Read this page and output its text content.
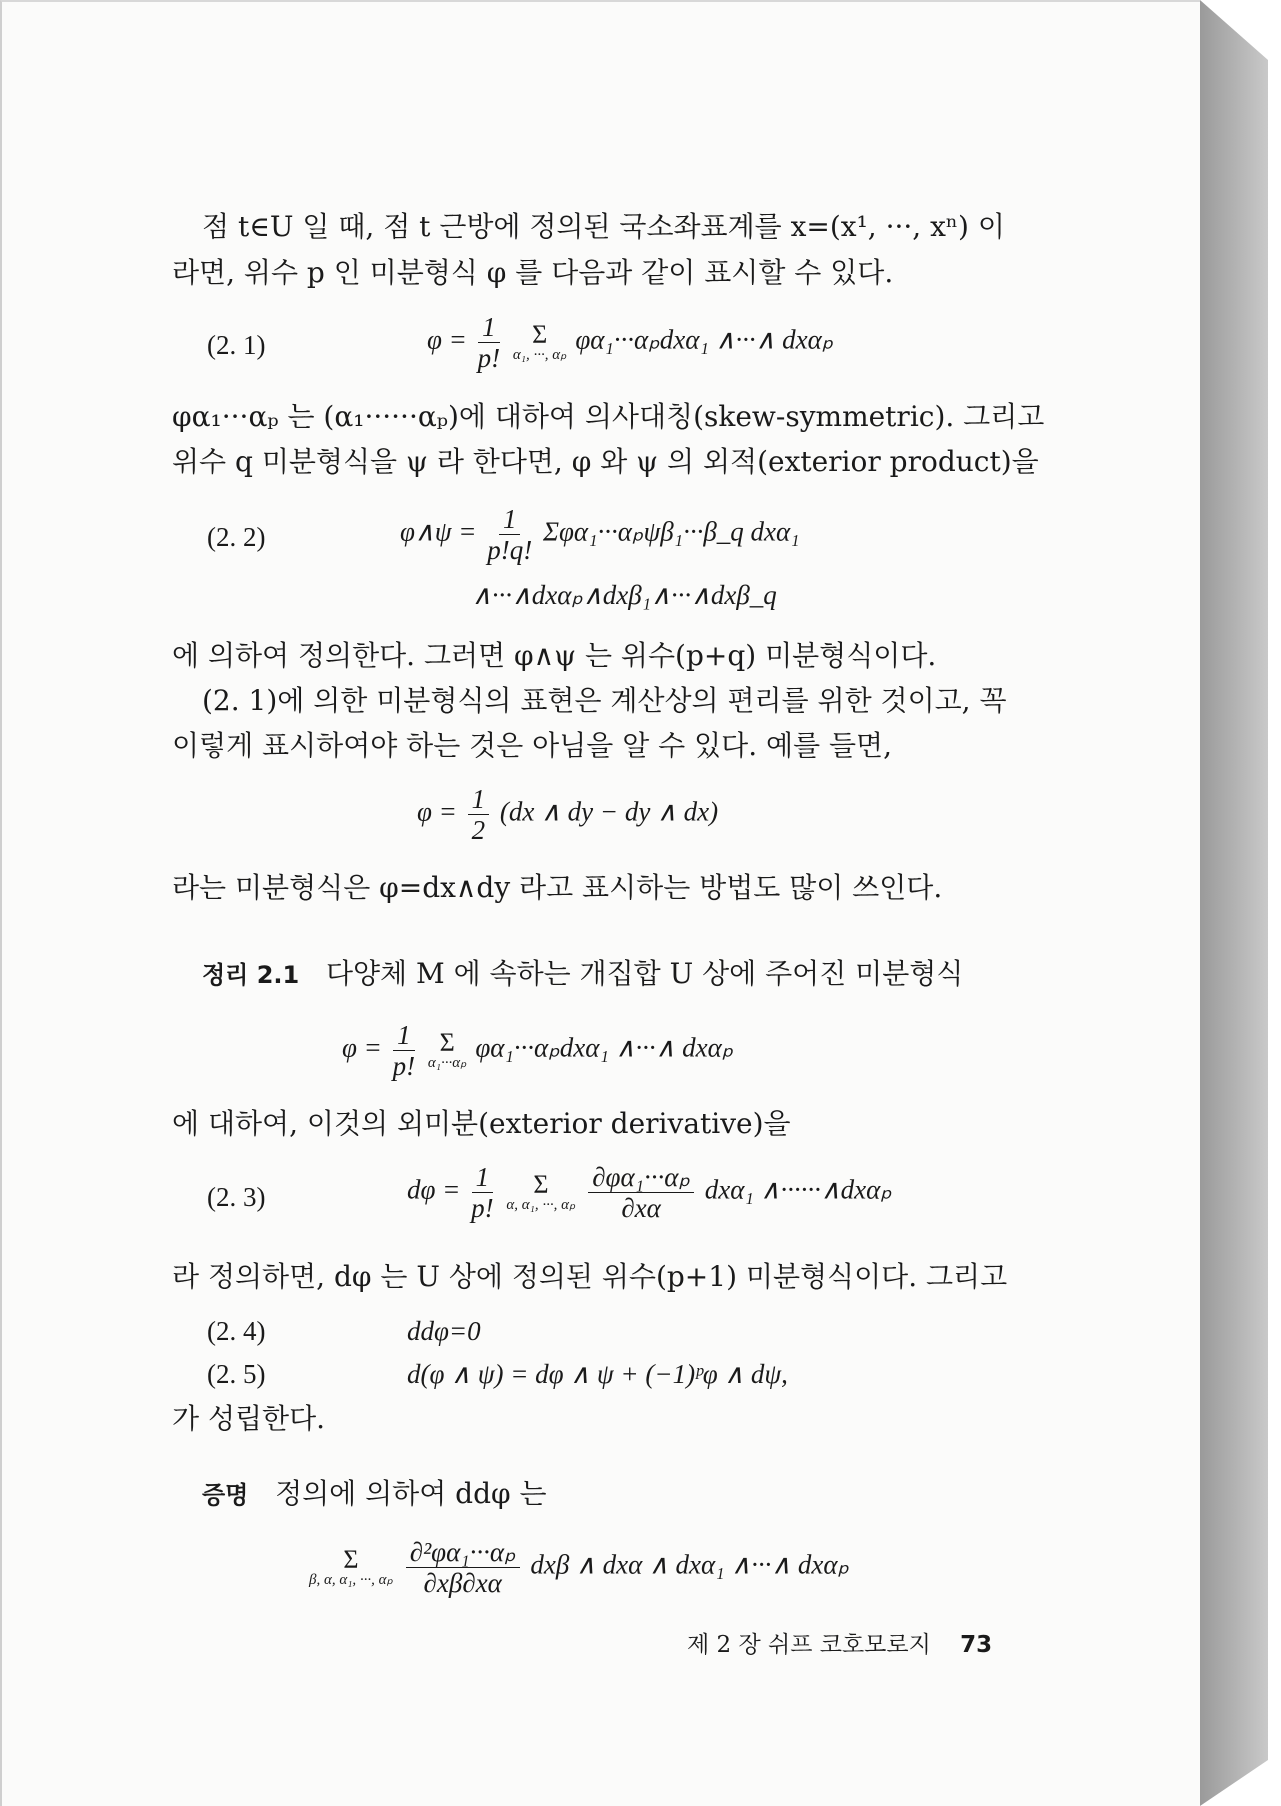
점 t∈U 일 때, 점 t 근방에 정의된 국소좌표계를 x=(x¹, ···, xⁿ) 이
라면, 위수 p 인 미분형식 φ 를 다음과 같이 표시할 수 있다.
(2. 1)	$\varphi = \frac{1}{p!}$
Σ
α₁, ···, αₚ φα₁···αₚdxα₁ ∧···∧ dxαₚ
φα₁···αₚ 는 (α₁······αₚ)에 대하여 의사대칭(skew-symmetric). 그리고
위수 q 미분형식을 ψ 라 한다면, φ 와 ψ 의 외적(exterior product)을
(2. 2)	φ∧ψ = $\frac{1}{p!q!}$ Σφα₁···αₚψβ₁···β_q dxα₁
∧···∧dxαₚ∧dxβ₁∧···∧dxβ_q
에 의하여 정의한다. 그러면 φ∧ψ 는 위수(p+q) 미분형식이다.
(2. 1)에 의한 미분형식의 표현은 계산상의 편리를 위한 것이고, 꼭
이렇게 표시하여야 하는 것은 아님을 알 수 있다. 예를 들면,
$\varphi = \frac{1}{2} (dx$ ∧ dy − dy ∧ dx)
라는 미분형식은 φ=dx∧dy 라고 표시하는 방법도 많이 쓰인다.
정리 2.1 다양체 M 에 속하는 개집합 U 상에 주어진 미분형식
$\varphi = \frac{1}{p!}$
Σ
α₁···αₚ φα₁···αₚdxα₁ ∧···∧ dxαₚ
에 대하여, 이것의 외미분(exterior derivative)을
(2. 3)	$d\varphi = \frac{1}{p!}$
Σ
α, α₁, ···, αₚ
$\frac{\text{∂φα₁···αₚ}}{\partial x\alpha} dx\alpha_1$ ∧······∧dxαₚ
라 정의하면, dφ 는 U 상에 정의된 위수(p+1) 미분형식이다. 그리고
(2. 4)	ddφ=0
(2. 5)	d(φ ∧ ψ) = dφ ∧ ψ + (−1)ᵖφ ∧ dψ,
가 성립한다.
증명 정의에 의하여 ddφ 는
Σ
β, α, α₁, ···, αₚ
$\frac{\text{∂²φα₁···αₚ}}{\partial x\beta\partial x\alpha}$ dxβ ∧ dxα ∧ dxα₁ ∧···∧ dxαₚ
제 2 장 쉬프 코호모로지 73
